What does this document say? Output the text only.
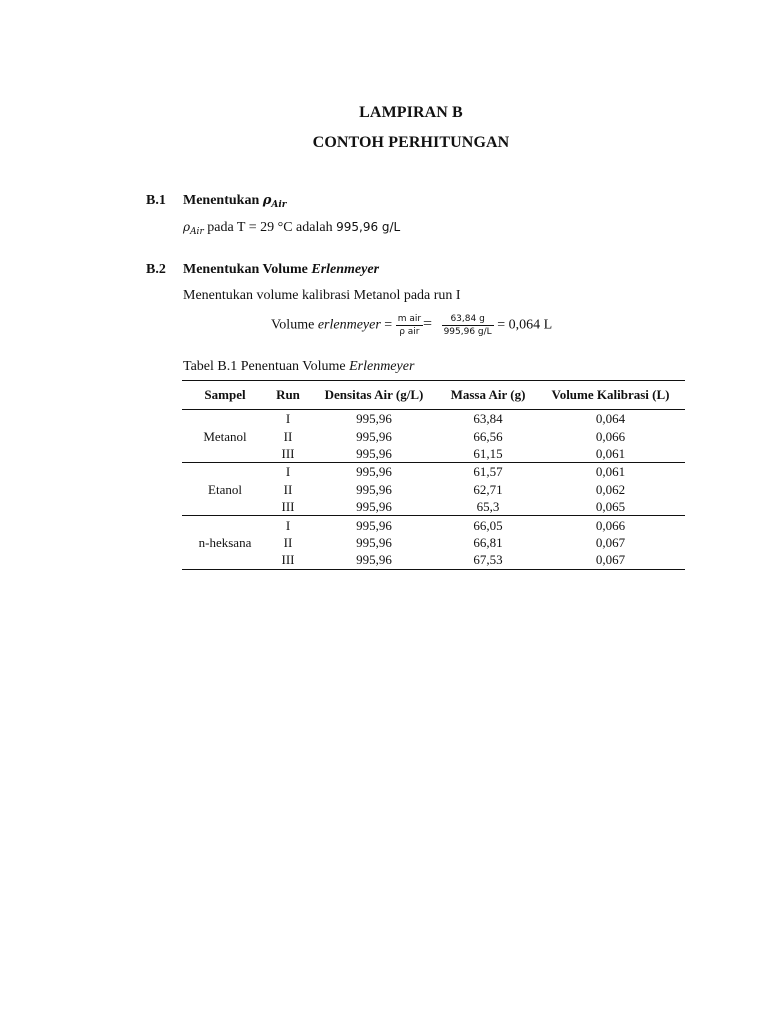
LAMPIRAN B
CONTOH PERHITUNGAN
B.1 Menentukan $\rho_{Air}$
$\rho_{Air}$ pada T = 29 °C adalah 995,96 g/L
B.2 Menentukan Volume Erlenmeyer
Menentukan volume kalibrasi Metanol pada run I
Volume erlenmeyer = $\frac{\text{m air}}{\text{ρ air}} = \frac{63,84 g}{995,96 g/L} = 0,064$ L
Tabel B.1 Penentuan Volume Erlenmeyer
Sampel	Run	Densitas Air (g/L)	Massa Air (g)	Volume Kalibrasi (L)
Metanol	I	995,96	63,84	0,064
	II	995,96	66,56	0,066
	III	995,96	61,15	0,061
Etanol	I	995,96	61,57	0,061
	II	995,96	62,71	0,062
	III	995,96	65,3	0,065
n-heksana	I	995,96	66,05	0,066
	II	995,96	66,81	0,067
	III	995,96	67,53	0,067
